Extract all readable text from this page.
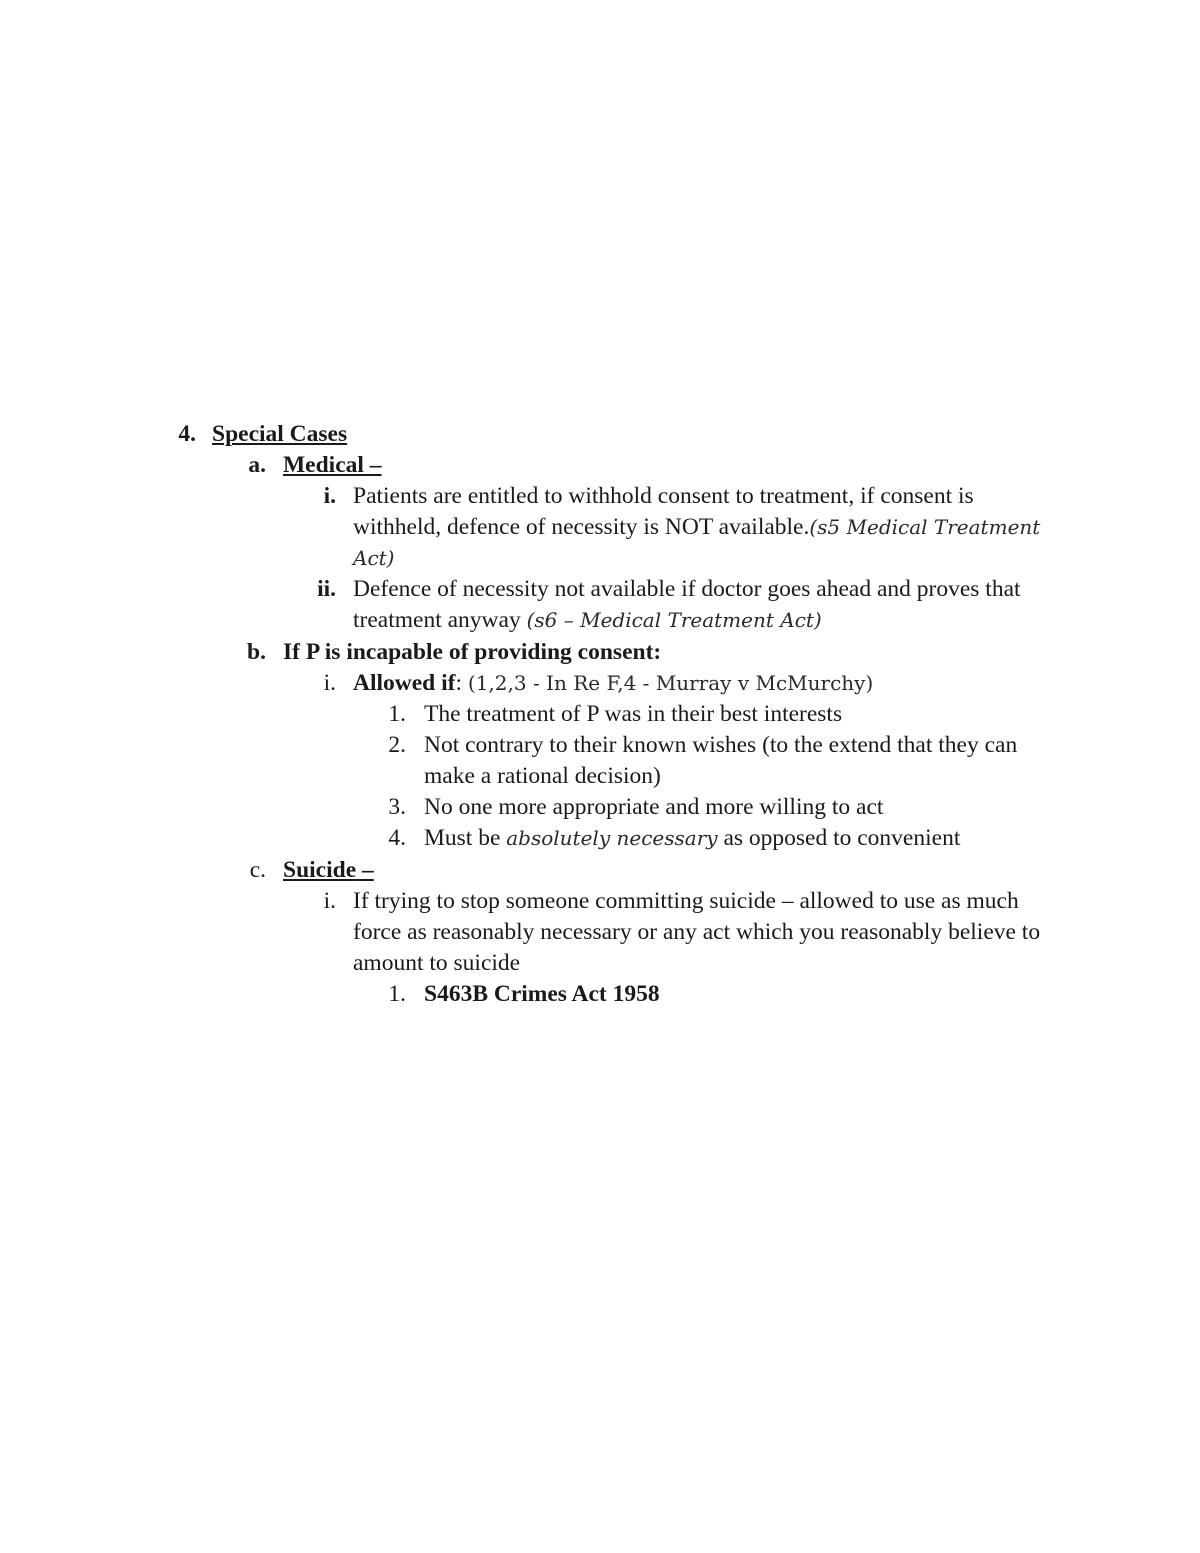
4. Special Cases
a. Medical –
i. Patients are entitled to withhold consent to treatment, if consent is
withheld, defence of necessity is NOT available.(s5 Medical Treatment
Act)
ii. Defence of necessity not available if doctor goes ahead and proves that
treatment anyway (s6 – Medical Treatment Act)
b. If P is incapable of providing consent:
i. Allowed if: (1,2,3 - In Re F,4 - Murray v McMurchy)
1. The treatment of P was in their best interests
2. Not contrary to their known wishes (to the extend that they can
make a rational decision)
3. No one more appropriate and more willing to act
4. Must be absolutely necessary as opposed to convenient
c. Suicide –
i. If trying to stop someone committing suicide – allowed to use as much
force as reasonably necessary or any act which you reasonably believe to
amount to suicide
1. S463B Crimes Act 1958
